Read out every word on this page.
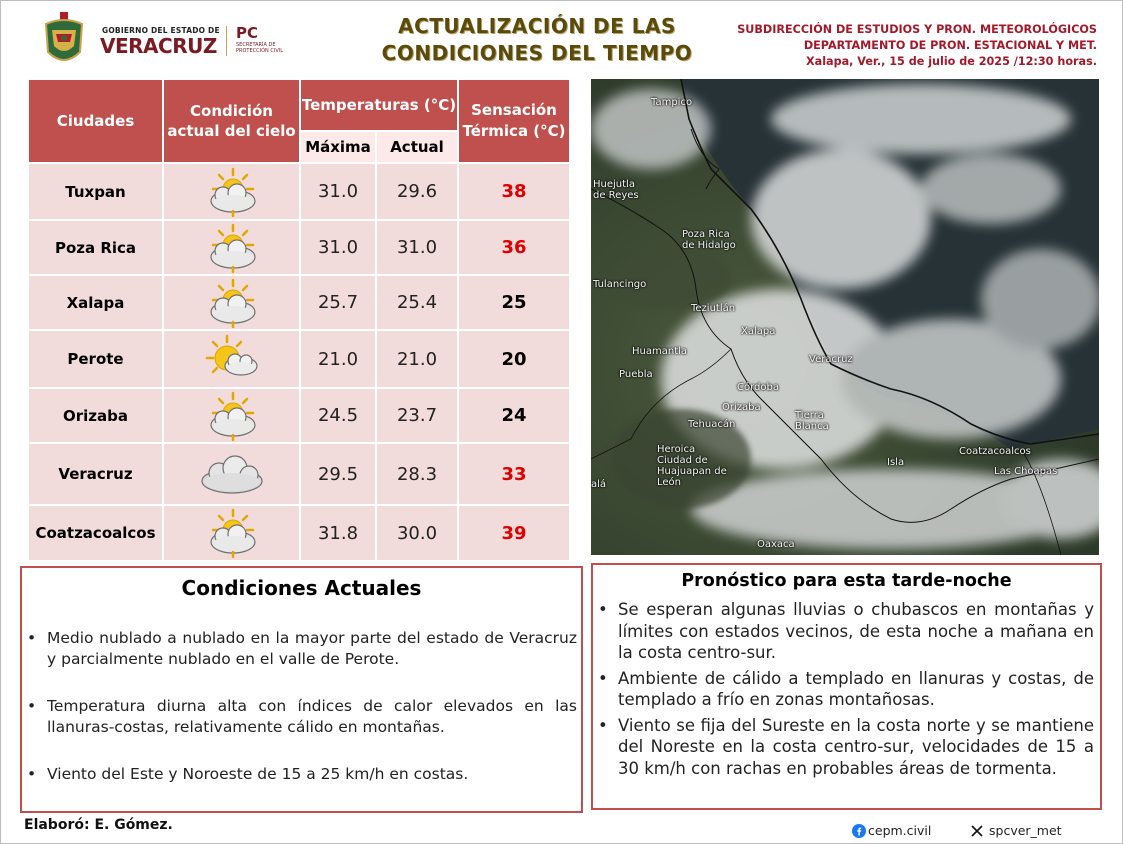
GOBIERNO DEL ESTADO DE
VERACRUZ
PC
SECRETARÍA DE PROTECCIÓN CIVIL
ACTUALIZACIÓN DE LAS
CONDICIONES DEL TIEMPO
SUBDIRECCIÓN DE ESTUDIOS Y PRON. METEOROLÓGICOS
DEPARTAMENTO DE PRON. ESTACIONAL Y MET.
Xalapa, Ver., 15 de julio de 2025 /12:30 horas.
Ciudades	Condición actual del cielo	Temperaturas (°C)		Sensación Térmica (°C)
		Máxima	Actual	
Tuxpan		31.0	29.6	38
Poza Rica		31.0	31.0	36
Xalapa		25.7	25.4	25
Perote		21.0	21.0	20
Orizaba		24.5	23.7	24
Veracruz		29.5	28.3	33
Coatzacoalcos		31.8	30.0	39
Tampico
Huejutla de Reyes
Poza Rica de Hidalgo
Tulancingo
Teziutlán
Xalapa
Huamantla
Veracruz
Puebla
Córdoba
Orizaba
Tehuacán
Tierra Blanca
Heroica Ciudad de Huajuapan de León
Isla
Coatzacoalcos
Las Choapas
alá
Oaxaca
Condiciones Actuales
• Medio nublado a nublado en la mayor parte del estado de Veracruz y parcialmente nublado en el valle de Perote.
• Temperatura diurna alta con índices de calor elevados en las llanuras-costas, relativamente cálido en montañas.
• Viento del Este y Noroeste de 15 a 25 km/h en costas.
Pronóstico para esta tarde-noche
• Se esperan algunas lluvias o chubascos en montañas y límites con estados vecinos, de esta noche a mañana en la costa centro-sur.
• Ambiente de cálido a templado en llanuras y costas, de templado a frío en zonas montañosas.
• Viento se fija del Sureste en la costa norte y se mantiene del Noreste en la costa centro-sur, velocidades de 15 a 30 km/h con rachas en probables áreas de tormenta.
Elaboró: E. Gómez.	cepm.civil	spcver_met
